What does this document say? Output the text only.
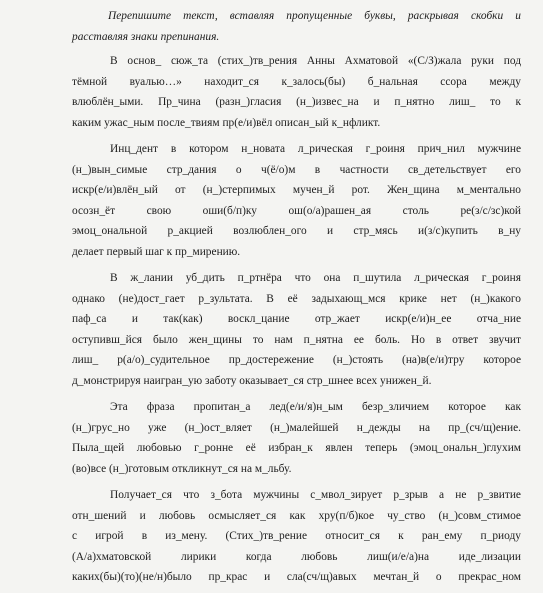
Перепишите текст, вставляя пропущенные буквы, раскрывая скобки и
расставляя знаки препинания.
В основ_ сюж_та (стих_)тв_рения Анны Ахматовой «(С/З)жала руки под
тёмной вуалью…» находит_ся к_залось(бы) б_нальная ссора между
влюблён_ыми. Пр_чина (разн_)гласия (н_)извес_на и п_нятно лиш_ то к
каким ужас_ным после_твиям пр(е/и)вёл описан_ый к_нфликт.
Инц_дент в котором н_новата л_рическая г_роиня прич_нил мужчине
(н_)вын_симые стр_дания о ч(ё/о)м в частности св_детельствует его
искр(е/и)влён_ый от (н_)стерпимых мучен_й рот. Жен_щина м_ментально
осозн_ёт свою оши(б/п)ку ош(о/а)рашен_ая столь ре(з/с/зс)кой
эмоц_ональной р_акцией возлюблен_ого и стр_мясь и(з/с)купить в_ну
делает первый шаг к пр_мирению.
В ж_лании уб_дить п_ртнёра что она п_шутила л_рическая г_роиня
однако (не)дост_гает р_зультата. В её задыхающ_мся крике нет (н_)какого
паф_са и так(как) воскл_цание отр_жает искр(е/и)н_ее отча_ние
оступивш_йся было жен_щины то нам п_нятна ее боль. Но в ответ звучит
лиш_ р(а/о)_судительное пр_достережение (н_)стоять (на)в(е/и)тру которое
д_монстрируя наигран_ую заботу оказывает_ся стр_шнее всех унижен_й.
Эта фраза пропитан_а лед(е/и/я)н_ым безр_зличием которое как
(н_)грус_но уже (н_)ост_вляет (н_)малейшей н_дежды на пр_(сч/щ)ение.
Пыла_щей любовью г_ронне её избран_к явлен теперь (эмоц_ональн_)глухим
(во)все (н_)готовым откликнут_ся на м_льбу.
Получает_ся что з_бота мужчины с_мвол_зирует р_зрыв а не р_звитие
отн_шений и любовь осмысляет_ся как хру(п/б)кое чу_ство (н_)совм_стимое
с игрой в из_мену. (Стих_)тв_рение относит_ся к ран_ему п_риоду
(А/а)хматовской лирики когда любовь лиш(и/е/а)на иде_лизации
каких(бы)(то)(не/н)было пр_крас и сла(сч/щ)авых мечтан_й о прекрас_ном
